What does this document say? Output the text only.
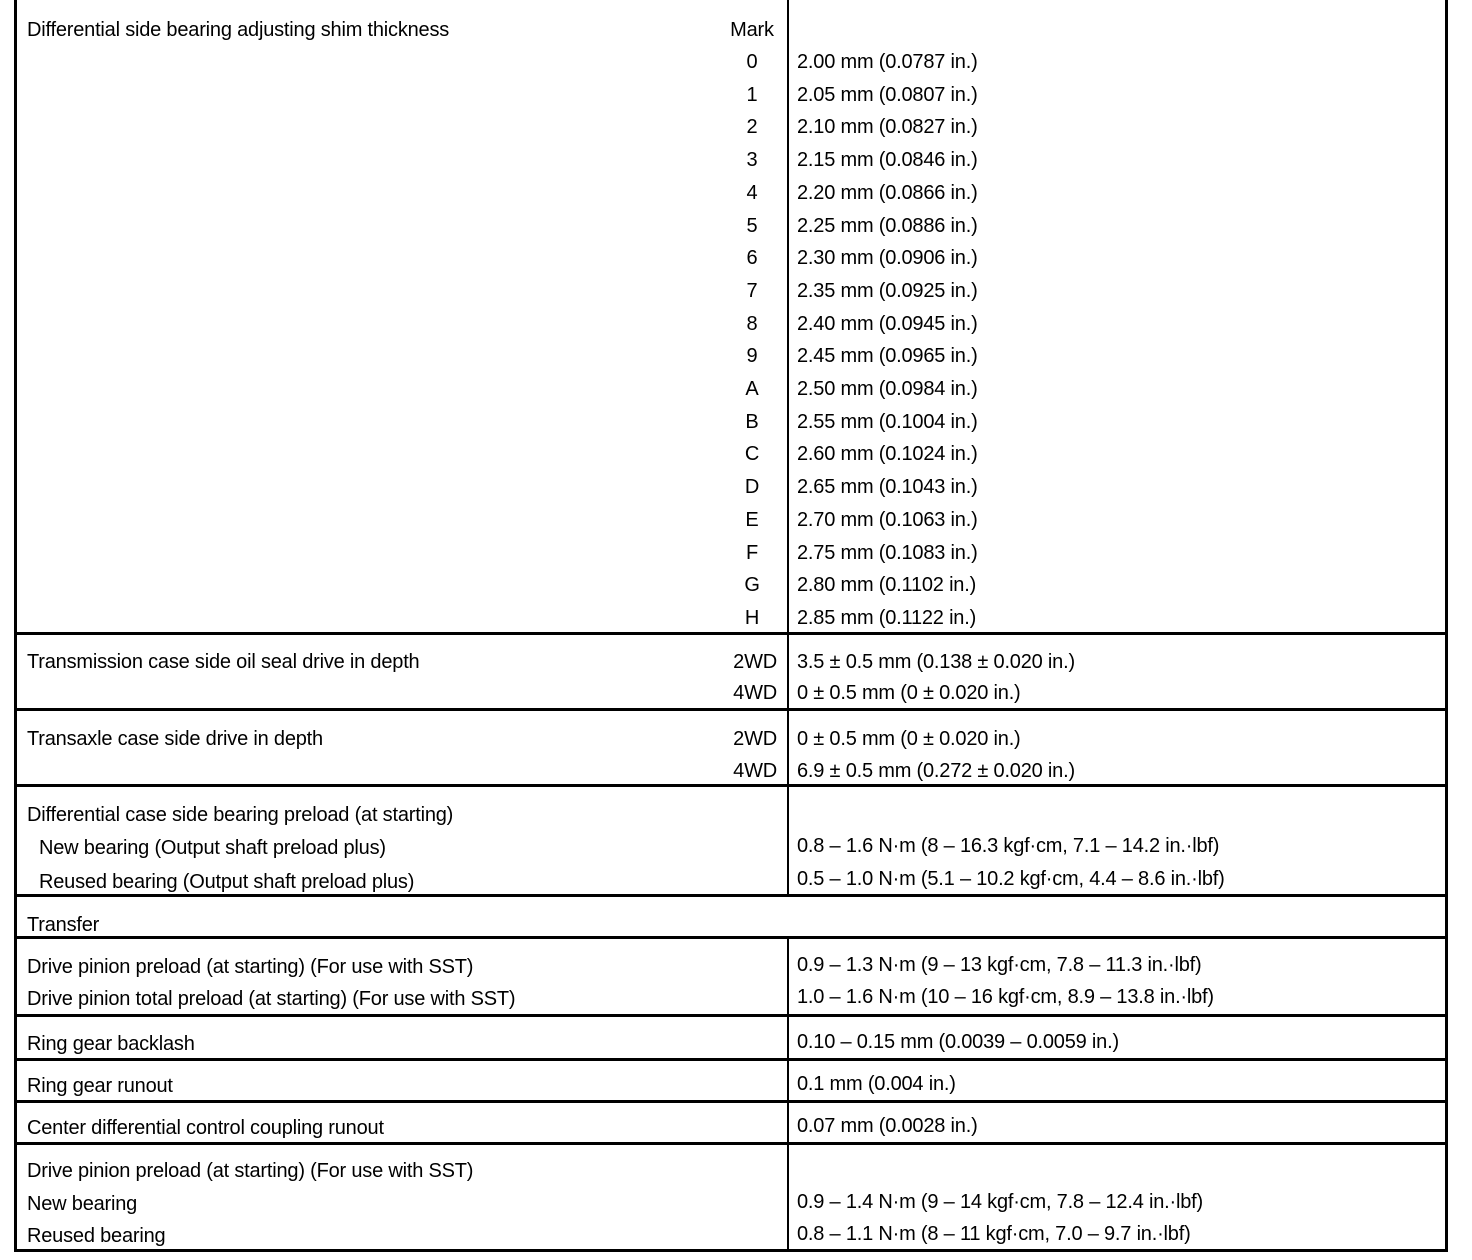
Differential side bearing adjusting shim thickness	Mark
0	2.00 mm (0.0787 in.)
1	2.05 mm (0.0807 in.)
2	2.10 mm (0.0827 in.)
3	2.15 mm (0.0846 in.)
4	2.20 mm (0.0866 in.)
5	2.25 mm (0.0886 in.)
6	2.30 mm (0.0906 in.)
7	2.35 mm (0.0925 in.)
8	2.40 mm (0.0945 in.)
9	2.45 mm (0.0965 in.)
A	2.50 mm (0.0984 in.)
B	2.55 mm (0.1004 in.)
C	2.60 mm (0.1024 in.)
D	2.65 mm (0.1043 in.)
E	2.70 mm (0.1063 in.)
F	2.75 mm (0.1083 in.)
G	2.80 mm (0.1102 in.)
H	2.85 mm (0.1122 in.)
Transmission case side oil seal drive in depth	2WD 3.5 ± 0.5 mm (0.138 ± 0.020 in.)
4WD 0 ± 0.5 mm (0 ± 0.020 in.)
Transaxle case side drive in depth	2WD 0 ± 0.5 mm (0 ± 0.020 in.)
4WD 6.9 ± 0.5 mm (0.272 ± 0.020 in.)
Differential case side bearing preload (at starting)
New bearing (Output shaft preload plus)	0.8 – 1.6 N·m (8 – 16.3 kgf·cm, 7.1 – 14.2 in.·lbf)
Reused bearing (Output shaft preload plus)	0.5 – 1.0 N·m (5.1 – 10.2 kgf·cm, 4.4 – 8.6 in.·lbf)
Transfer
Drive pinion preload (at starting) (For use with SST)	0.9 – 1.3 N·m (9 – 13 kgf·cm, 7.8 – 11.3 in.·lbf)
Drive pinion total preload (at starting) (For use with SST)	1.0 – 1.6 N·m (10 – 16 kgf·cm, 8.9 – 13.8 in.·lbf)
Ring gear backlash	0.10 – 0.15 mm (0.0039 – 0.0059 in.)
Ring gear runout	0.1 mm (0.004 in.)
Center differential control coupling runout	0.07 mm (0.0028 in.)
Drive pinion preload (at starting) (For use with SST)
New bearing	0.9 – 1.4 N·m (9 – 14 kgf·cm, 7.8 – 12.4 in.·lbf)
Reused bearing	0.8 – 1.1 N·m (8 – 11 kgf·cm, 7.0 – 9.7 in.·lbf)
